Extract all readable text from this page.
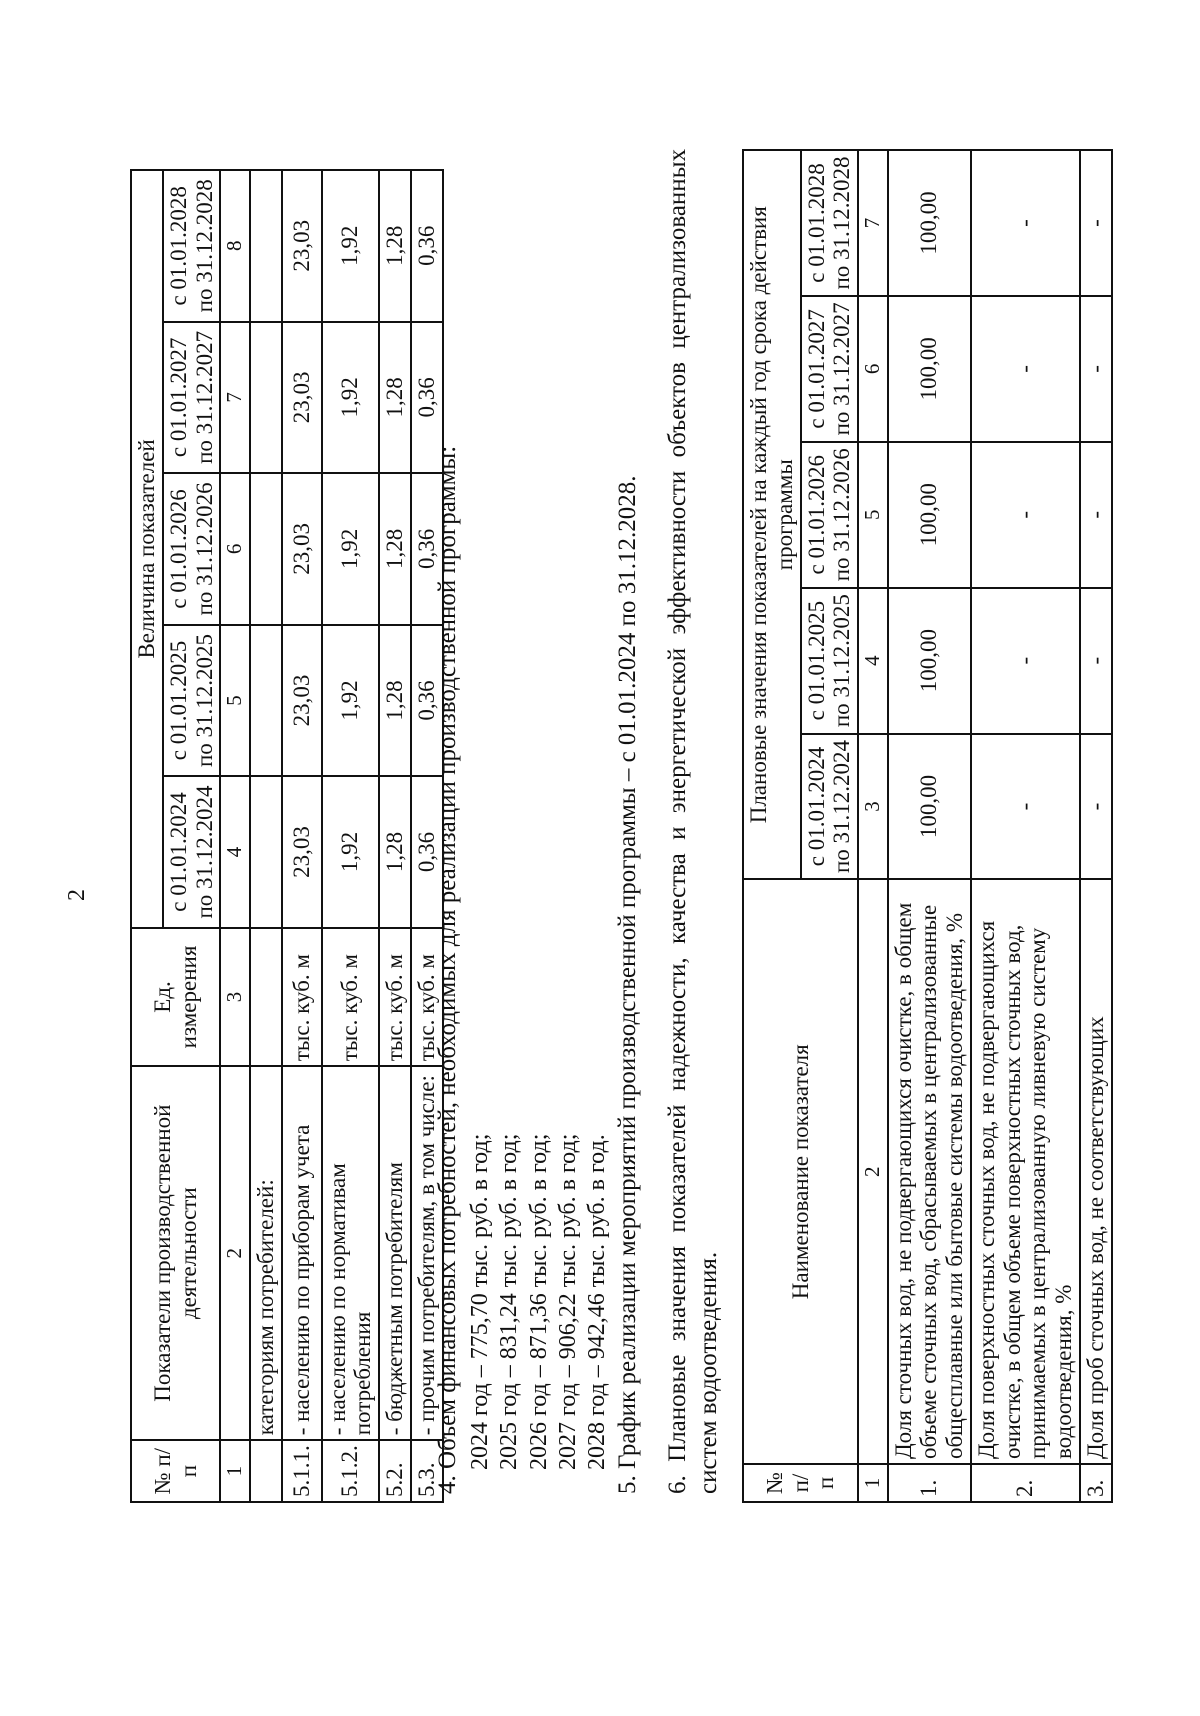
2
№ п/п	Показатели производственной деятельности	Ед. измерения	Величина показателей				
			с 01.01.2024 по 31.12.2024	с 01.01.2025 по 31.12.2025	с 01.01.2026 по 31.12.2026	с 01.01.2027 по 31.12.2027	с 01.01.2028 по 31.12.2028
1	2	3	4	5	6	7	8
	категориям потребителей:						
5.1.1.	- населению по приборам учета	тыс. куб. м	23,03	23,03	23,03	23,03	23,03
5.1.2.	- населению по нормативам потребления	тыс. куб. м	1,92	1,92	1,92	1,92	1,92
5.2.	- бюджетным потребителям	тыс. куб. м	1,28	1,28	1,28	1,28	1,28
5.3.	- прочим потребителям, в том числе:	тыс. куб. м	0,36	0,36	0,36	0,36	0,36
4. Объем финансовых потребностей, необходимых для реализации производственной программы: 2024 год – 775,70 тыс. руб. в год; 2025 год – 831,24 тыс. руб. в год; 2026 год – 871,36 тыс. руб. в год; 2027 год – 906,22 тыс. руб. в год; 2028 год – 942,46 тыс. руб. в год. 5. График реализации мероприятий производственной программы – с 01.01.2024 по 31.12.2028. 6. Плановые значения показателей надежности, качества и энергетической эффективности объектов централизованных систем водоотведения. № п/п	Наименование показателя	Плановые значения показателей на каждый год срока действия программы				
		с 01.01.2024 по 31.12.2024	с 01.01.2025 по 31.12.2025	с 01.01.2026 по 31.12.2026	с 01.01.2027 по 31.12.2027	с 01.01.2028 по 31.12.2028
1	2	3	4	5	6	7
1.	Доля сточных вод, не подвергающихся очистке, в общем объеме сточных вод, сбрасываемых в централизованные общесплавные или бытовые системы водоотведения, %	100,00	100,00	100,00	100,00	100,00
2.	Доля поверхностных сточных вод, не подвергающихся очистке, в общем объеме поверхностных сточных вод, принимаемых в централизованную ливневую систему водоотведения, %	-	-	-	-	-
3.	Доля проб сточных вод, не соответствующих	-	-	-	-	-
